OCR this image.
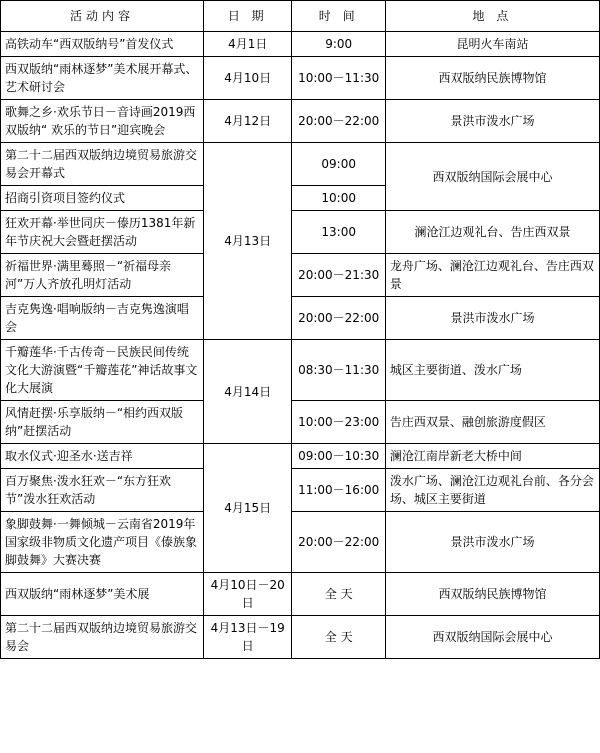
活动内容	日 期	时 间	地 点
高铁动车“西双版纳号”首发仪式	4月1日	9:00	昆明火车南站
西双版纳“雨林逐梦”美术展开幕式、艺术研讨会	4月10日	10:00－11:30	西双版纳民族博物馆
歌舞之乡·欢乐节日－音诗画2019西双版纳“ 欢乐的节日”迎宾晚会	4月12日	20:00－22:00	景洪市泼水广场
第二十二届西双版纳边境贸易旅游交易会开幕式	4月13日	09:00	西双版纳国际会展中心
招商引资项目签约仪式		10:00	
狂欢开幕·举世同庆－傣历1381年新年节庆祝大会暨赶摆活动		13:00	澜沧江边观礼台、告庄西双景
祈福世界·满里蓦照－“祈福母亲河”万人齐放孔明灯活动		20:00－21:30	龙舟广场、澜沧江边观礼台、告庄西双景
吉克隽逸·唱响版纳－吉克隽逸演唱会		20:00－22:00	景洪市泼水广场
千瓣莲华·千古传奇－民族民间传统文化大游演暨“千瓣莲花”神话故事文化大展演	4月14日	08:30－11:30	城区主要街道、泼水广场
风情赶摆·乐享版纳－“相约西双版纳”赶摆活动		10:00－23:00	告庄西双景、融创旅游度假区
取水仪式·迎圣水·送吉祥	4月15日	09:00－10:30	澜沧江南岸新老大桥中间
百万聚焦·泼水狂欢－“东方狂欢节”泼水狂欢活动		11:00－16:00	泼水广场、澜沧江边观礼台前、各分会场、城区主要街道
象脚鼓舞·一舞倾城－云南省2019年国家级非物质文化遗产项目《傣族象脚鼓舞》大赛决赛		20:00－22:00	景洪市泼水广场
西双版纳“雨林逐梦”美术展	4月10日－20日	全 天	西双版纳民族博物馆
第二十二届西双版纳边境贸易旅游交易会	4月13日－19日	全 天	西双版纳国际会展中心
